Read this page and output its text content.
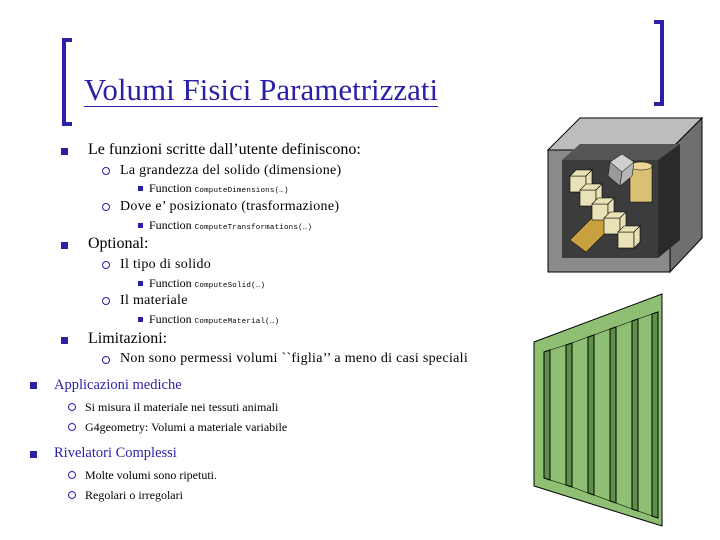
Volumi Fisici Parametrizzati
Le funzioni scritte dall’utente definiscono:
La grandezza del solido (dimensione)
Function ComputeDimensions(…)
Dove e’ posizionato (trasformazione)
Function ComputeTransformations(…)
Optional:
Il tipo di solido
Function ComputeSolid(…)
Il materiale
Function ComputeMaterial(…)
Limitazioni:
Non sono permessi volumi ``figlia’’ a meno di casi speciali
Applicazioni mediche
Si misura il materiale nei tessuti animali
G4geometry: Volumi a materiale variabile
Rivelatori Complessi
Molte volumi sono ripetuti.
Regolari o irregolari
